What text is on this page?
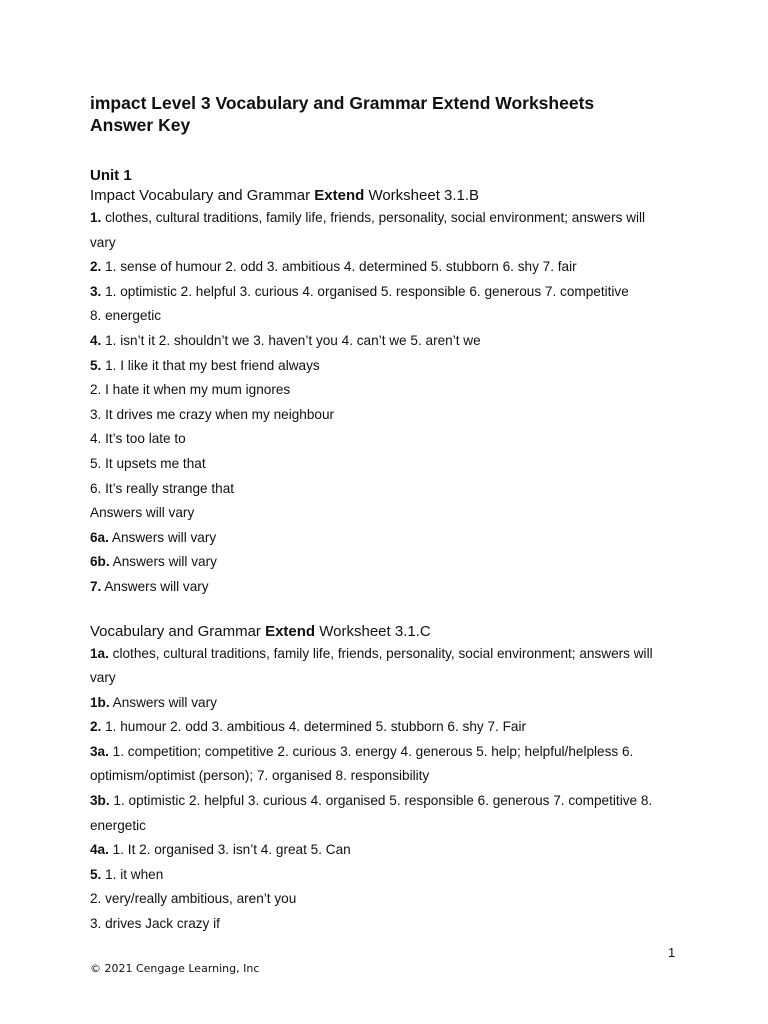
impact Level 3 Vocabulary and Grammar Extend Worksheets
Answer Key
Unit 1
Impact Vocabulary and Grammar Extend Worksheet 3.1.B
1. clothes, cultural traditions, family life, friends, personality, social environment; answers will
vary
2. 1. sense of humour 2. odd 3. ambitious 4. determined 5. stubborn 6. shy 7. fair
3. 1. optimistic 2. helpful 3. curious 4. organised 5. responsible 6. generous 7. competitive
8. energetic
4. 1. isn’t it 2. shouldn’t we 3. haven’t you 4. can’t we 5. aren’t we
5. 1. I like it that my best friend always
2. I hate it when my mum ignores
3. It drives me crazy when my neighbour
4. It’s too late to
5. It upsets me that
6. It’s really strange that
Answers will vary
6a. Answers will vary
6b. Answers will vary
7. Answers will vary
Vocabulary and Grammar Extend Worksheet 3.1.C
1a. clothes, cultural traditions, family life, friends, personality, social environment; answers will
vary
1b. Answers will vary
2. 1. humour 2. odd 3. ambitious 4. determined 5. stubborn 6. shy 7. Fair
3a. 1. competition; competitive 2. curious 3. energy 4. generous 5. help; helpful/helpless 6.
optimism/optimist (person); 7. organised 8. responsibility
3b. 1. optimistic 2. helpful 3. curious 4. organised 5. responsible 6. generous 7. competitive 8.
energetic
4a. 1. It 2. organised 3. isn’t 4. great 5. Can
5. 1. it when
2. very/really ambitious, aren’t you
3. drives Jack crazy if
1
© 2021 Cengage Learning, Inc
